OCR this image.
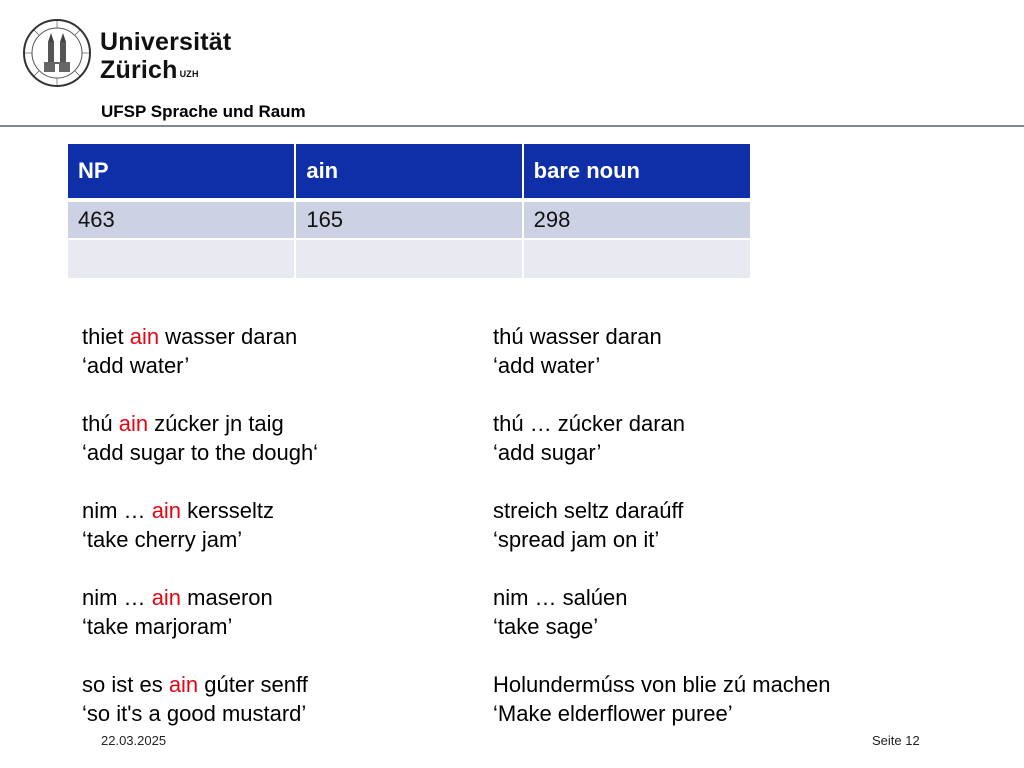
Universität
Zürich $^{UZH}$
UFSP Sprache und Raum
NP	ain	bare noun
463	165	298

thiet ain wasser daran
‘add water’
thú ain zúcker jn taig
‘add sugar to the dough‘
nim … ain kersseltz
‘take cherry jam’
nim … ain maseron
‘take marjoram’
so ist es ain gúter senff
‘so it's a good mustard’
thú wasser daran
‘add water’
thú … zúcker daran
‘add sugar’
streich seltz daraúff
‘spread jam on it’
nim … salúen
‘take sage’
Holundermúss von blie zú machen
‘Make elderflower puree’
22.03.2025	Seite 12
